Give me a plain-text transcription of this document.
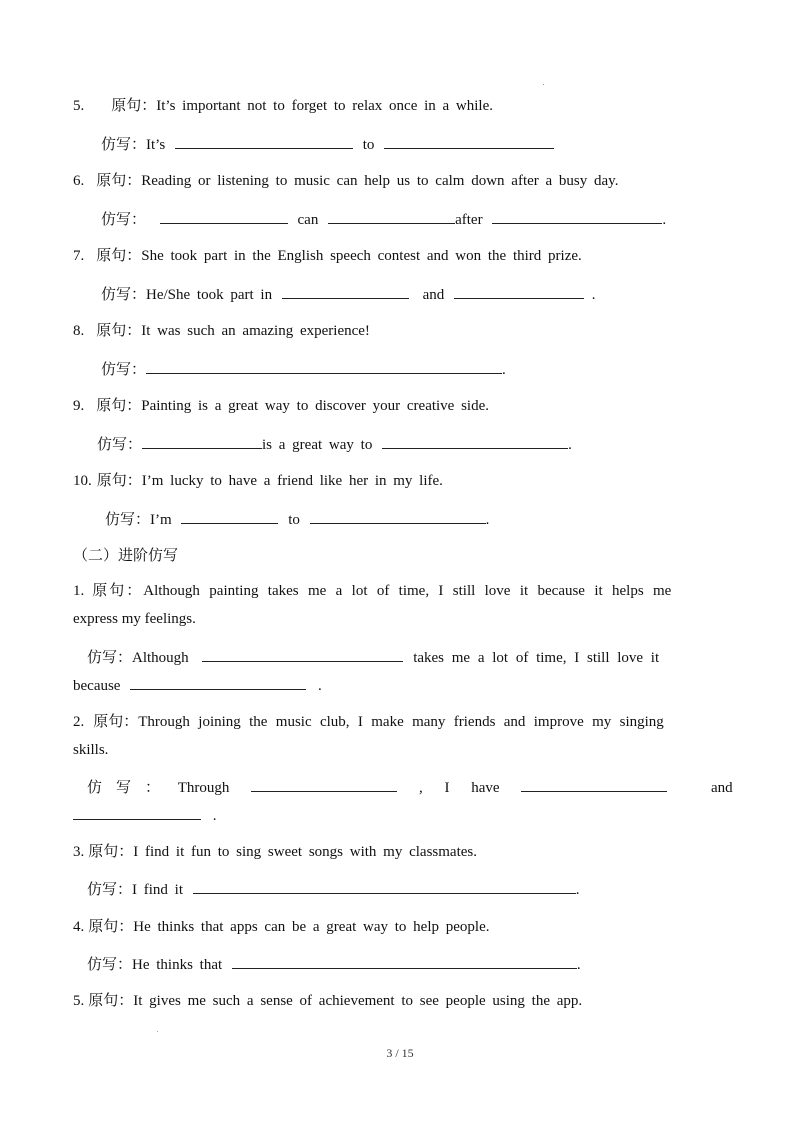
5. 原句：It’s important not to forget to relax once in a while.
仿写：It’s	to
6. 原句：Reading or listening to music can help us to calm down after a busy day.
仿写：	can	after	.
7. 原句：She took part in the English speech contest and won the third prize.
仿写：He/She took part in	and	.
8. 原句：It was such an amazing experience!
仿写：	.
9. 原句：Painting is a great way to discover your creative side.
仿写：	is a great way to	.
10. 原句：I’m lucky to have a friend like her in my life.
仿写：I’m	to	.
（二）进阶仿写
1. 原句：Although painting takes me a lot of time, I still love it because it helps me
express my feelings.
仿写：Although	takes me a lot of time, I still love it
because	.
2. 原句：Through joining the music club, I make many friends and improve my singing
skills.
仿写： Through	, I have	and
.
3. 原句：I find it fun to sing sweet songs with my classmates.
仿写：I find it	.
4. 原句：He thinks that apps can be a great way to help people.
仿写：He thinks that	.
5. 原句：It gives me such a sense of achievement to see people using the app.
3 / 15
